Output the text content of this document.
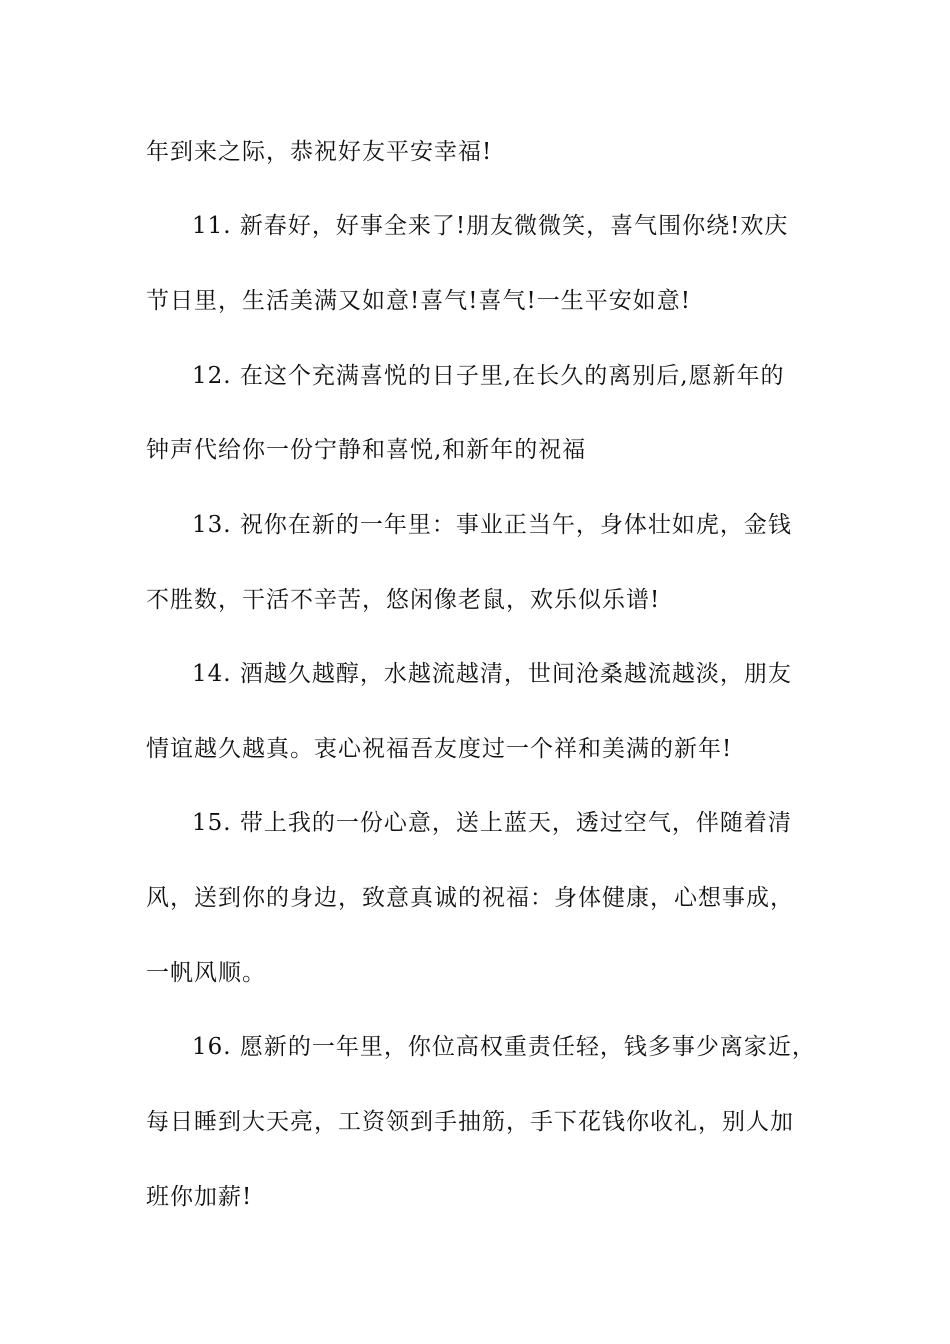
年到来之际，恭祝好友平安幸福!
11. 新春好，好事全来了!朋友微微笑，喜气围你绕!欢庆
节日里，生活美满又如意!喜气!喜气!一生平安如意!
12. 在这个充满喜悦的日子里,在长久的离别后,愿新年的
钟声代给你一份宁静和喜悦,和新年的祝福
13. 祝你在新的一年里：事业正当午，身体壮如虎，金钱
不胜数，干活不辛苦，悠闲像老鼠，欢乐似乐谱!
14. 酒越久越醇，水越流越清，世间沧桑越流越淡，朋友
情谊越久越真。衷心祝福吾友度过一个祥和美满的新年!
15. 带上我的一份心意，送上蓝天，透过空气，伴随着清
风，送到你的身边，致意真诚的祝福：身体健康，心想事成，
一帆风顺。
16. 愿新的一年里，你位高权重责任轻，钱多事少离家近，
每日睡到大天亮，工资领到手抽筋，手下花钱你收礼，别人加
班你加薪!
